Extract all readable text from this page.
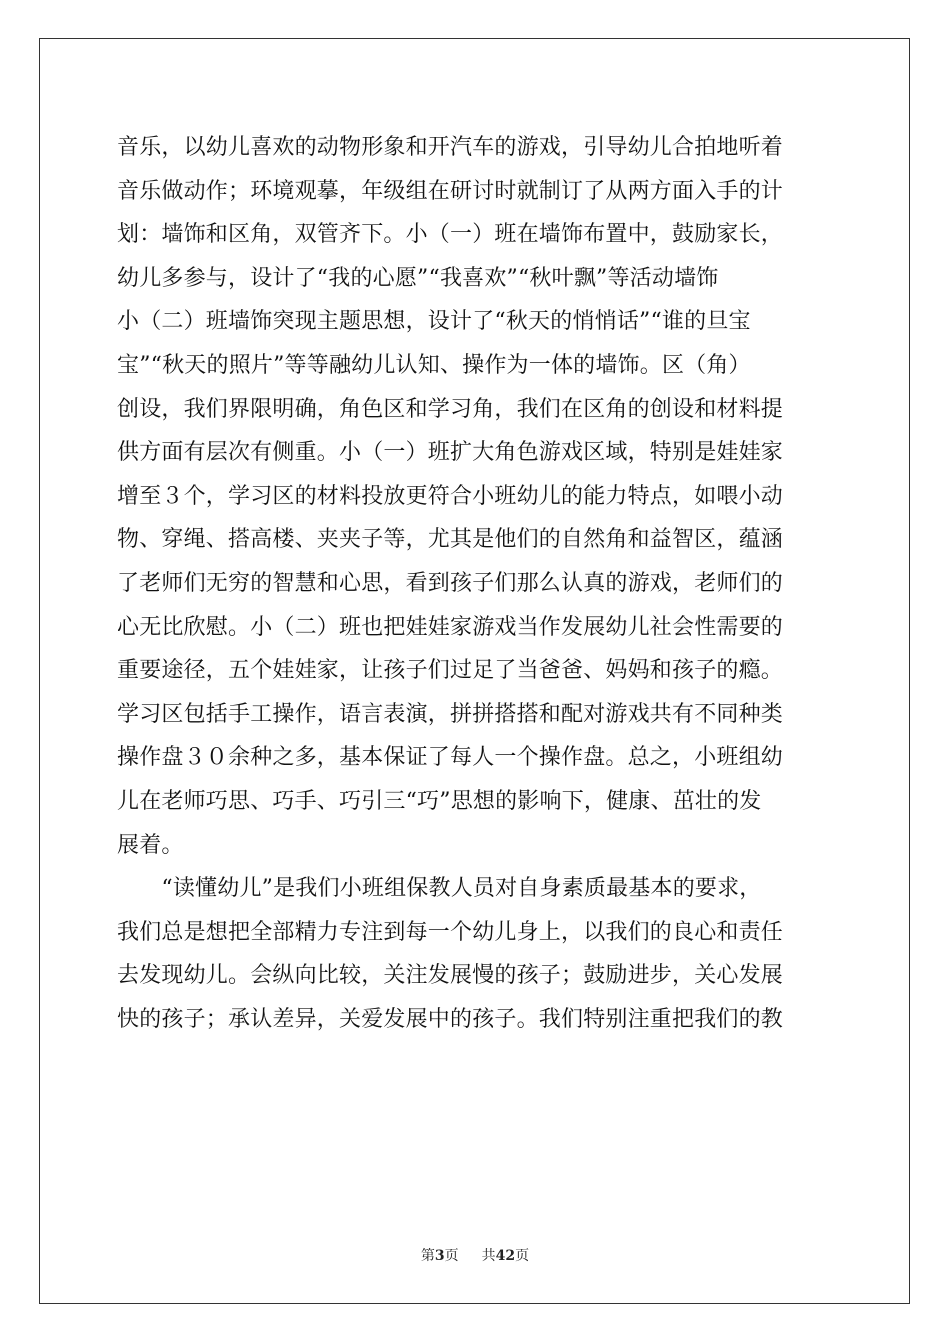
音乐，以幼儿喜欢的动物形象和开汽车的游戏，引导幼儿合拍地听着
音乐做动作；环境观摹，年级组在研讨时就制订了从两方面入手的计
划：墙饰和区角，双管齐下。小（一）班在墙饰布置中，鼓励家长，
幼儿多参与，设计了“我的心愿”“我喜欢”“秋叶飘”等活动墙饰
小（二）班墙饰突现主题思想，设计了“秋天的悄悄话”“谁的旦宝
宝”“秋天的照片”等等融幼儿认知、操作为一体的墙饰。区（角）
创设，我们界限明确，角色区和学习角，我们在区角的创设和材料提
供方面有层次有侧重。小（一）班扩大角色游戏区域，特别是娃娃家
增至３个，学习区的材料投放更符合小班幼儿的能力特点，如喂小动
物、穿绳、搭高楼、夹夹子等，尤其是他们的自然角和益智区，蕴涵
了老师们无穷的智慧和心思，看到孩子们那么认真的游戏，老师们的
心无比欣慰。小（二）班也把娃娃家游戏当作发展幼儿社会性需要的
重要途径，五个娃娃家，让孩子们过足了当爸爸、妈妈和孩子的瘾。
学习区包括手工操作，语言表演，拼拼搭搭和配对游戏共有不同种类
操作盘３０余种之多，基本保证了每人一个操作盘。总之，小班组幼
儿在老师巧思、巧手、巧引三“巧”思想的影响下，健康、茁壮的发
展着。
　　“读懂幼儿”是我们小班组保教人员对自身素质最基本的要求，
我们总是想把全部精力专注到每一个幼儿身上，以我们的良心和责任
去发现幼儿。会纵向比较，关注发展慢的孩子；鼓励进步，关心发展
快的孩子；承认差异，关爱发展中的孩子。我们特别注重把我们的教
第3页 共42页
